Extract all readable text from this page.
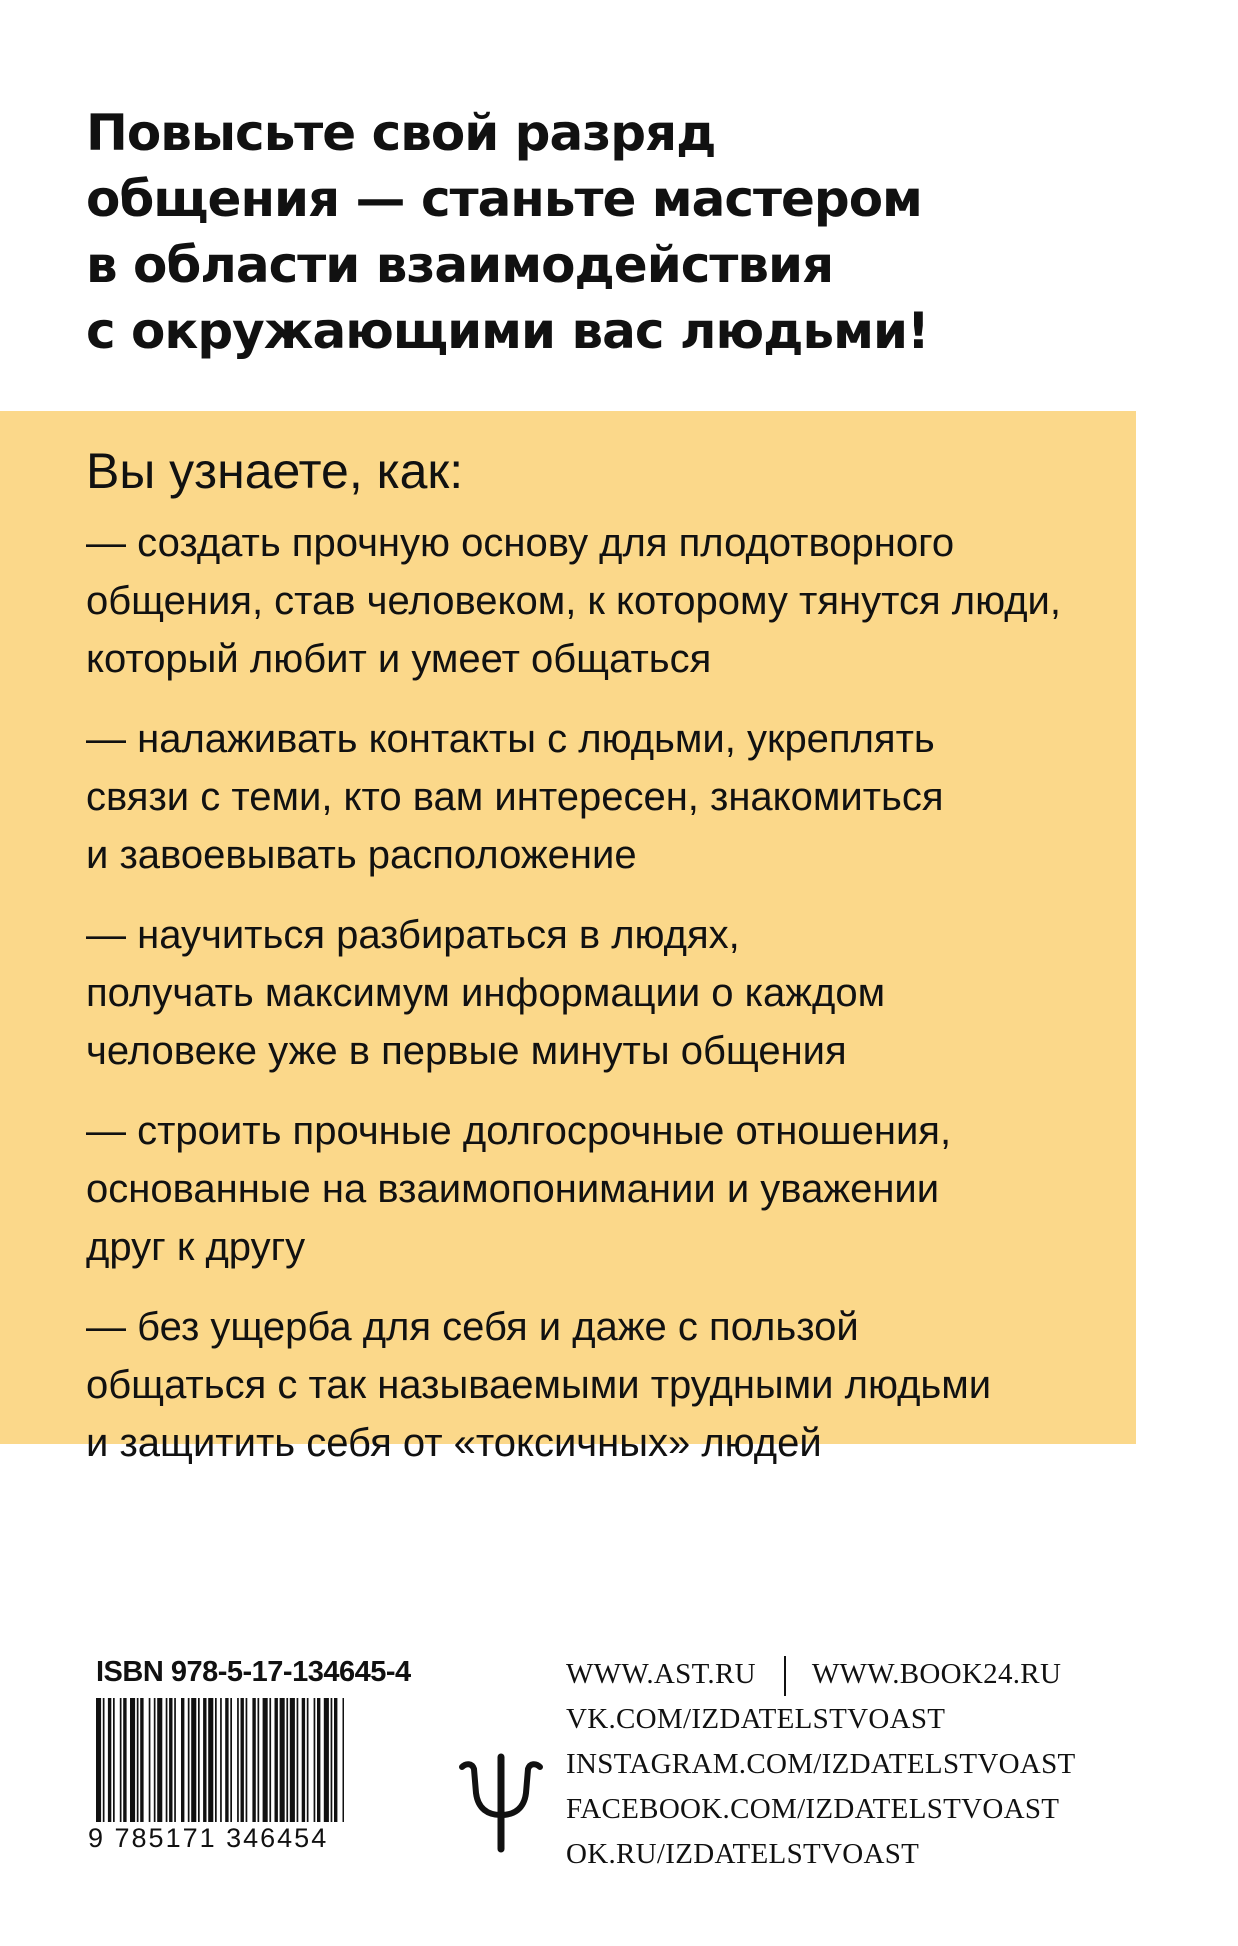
Повысьте свой разряд
общения — станьте мастером
в области взаимодействия
с окружающими вас людьми!

Вы узнаете, как:

— создать прочную основу для плодотворного
общения, став человеком, к которому тянутся люди,
который любит и умеет общаться
— налаживать контакты с людьми, укреплять
связи с теми, кто вам интересен, знакомиться
и завоевывать расположение
— научиться разбираться в людях,
получать максимум информации о каждом
человеке уже в первые минуты общения
— строить прочные долгосрочные отношения,
основанные на взаимопонимании и уважении
друг к другу
— без ущерба для себя и даже с пользой
общаться с так называемыми трудными людьми
и защитить себя от «токсичных» людей
ISBN 978-5-17-134645-4
9 785171 346454
WWW.AST.RU WWW.BOOK24.RU
VK.COM/IZDATELSTVOAST
INSTAGRAM.COM/IZDATELSTVOAST
FACEBOOK.COM/IZDATELSTVOAST
OK.RU/IZDATELSTVOAST
